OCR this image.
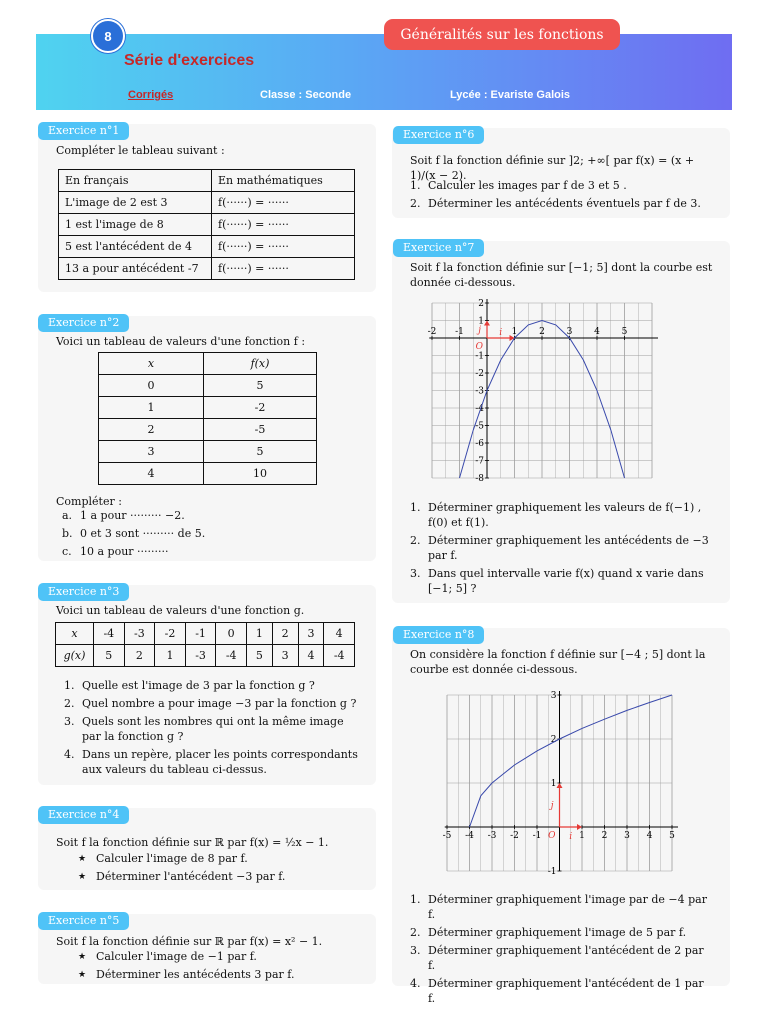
8	Généralités sur les fonctions
Série d'exercices
Corrigés	Classe : Seconde	Lycée : Evariste Galois
Exercice n°1
Compléter le tableau suivant :
En français	En mathématiques
L'image de 2 est 3	f(······) = ······
1 est l'image de 8	f(······) = ······
5 est l'antécédent de 4	f(······) = ······
13 a pour antécédent -7	f(······) = ······
Exercice n°2
Voici un tableau de valeurs d'une fonction f :
x	f(x)
0	5
1	-2
2	-5
3	5
4	10
Compléter :
a. 1 a pour ········· −2.
b. 0 et 3 sont ········· de 5.
c. 10 a pour ·········
Exercice n°3
Voici un tableau de valeurs d'une fonction g.
x	-4	-3	-2	-1	0	1	2	3	4
g(x)	5	2	1	-3	-4	5	3	4	-4
1. Quelle est l'image de 3 par la fonction g ?
2. Quel nombre a pour image −3 par la fonction g ?
3. Quels sont les nombres qui ont la même image par la fonction g ?
4. Dans un repère, placer les points correspondants aux valeurs du tableau ci-dessus.
Exercice n°4
Soit f la fonction définie sur ℝ par f(x) = ½x − 1.
★ Calculer l'image de 8 par f.
★ Déterminer l'antécédent −3 par f.
Exercice n°5
Soit f la fonction définie sur ℝ par f(x) = x² − 1.
★ Calculer l'image de −1 par f.
★ Déterminer les antécédents 3 par f.
Exercice n°6
Soit f la fonction définie sur ]2; +∞[ par f(x) = (x + 1)/(x − 2).
1. Calculer les images par f de 3 et 5 .
2. Déterminer les antécédents éventuels par f de 3.
Exercice n°7
Soit f la fonction définie sur [−1; 5] dont la courbe est donnée ci-dessous.
-2 -1	1 2 3 4 5
2
1
-1
-2
-3
-4
-5
-6
-7
-8
i
j
O
1. Déterminer graphiquement les valeurs de f(−1) , f(0) et f(1).
2. Déterminer graphiquement les antécédents de −3 par f.
3. Dans quel intervalle varie f(x) quand x varie dans [−1; 5] ?
Exercice n°8
On considère la fonction f définie sur [−4 ; 5] dont la courbe est donnée ci-dessous.
-5 -4 -3 -2 -1	1 2 3 4 5
3
2
1
-1
i
j
O
1. Déterminer graphiquement l'image par de −4 par f.
2. Déterminer graphiquement l'image de 5 par f.
3. Déterminer graphiquement l'antécédent de 2 par f.
4. Déterminer graphiquement l'antécédent de 1 par f.
